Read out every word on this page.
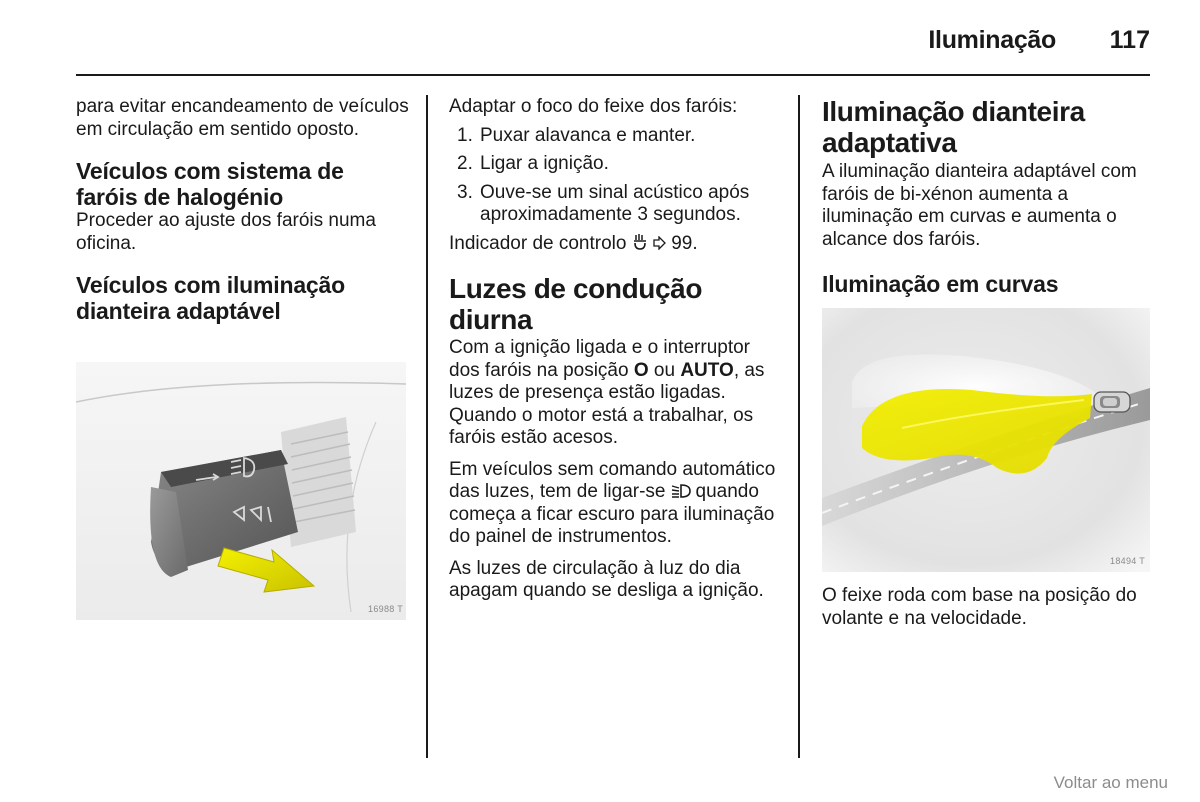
Iluminação	117

para evitar encandeamento de veículos em circulação em sentido oposto.

Veículos com sistema de faróis de halogénio

Proceder ao ajuste dos faróis numa oficina.

Veículos com iluminação dianteira adaptável
16988 T

Adaptar o foco do feixe dos faróis:

1. Puxar alavanca e manter.
2. Ligar a ignição.
3. Ouve-se um sinal acústico após aproximadamente 3 segundos.

Indicador de controlo 99.

Luzes de condução diurna

Com a ignição ligada e o interruptor dos faróis na posição O ou AUTO, as luzes de presença estão ligadas. Quando o motor está a trabalhar, os faróis estão acesos.

Em veículos sem comando automático das luzes, tem de ligar-se quando começa a ficar escuro para iluminação do painel de instrumentos.

As luzes de circulação à luz do dia apagam quando se desliga a ignição.

Iluminação dianteira adaptativa

A iluminação dianteira adaptável com faróis de bi-xénon aumenta a iluminação em curvas e aumenta o alcance dos faróis.

Iluminação em curvas
18494 T

O feixe roda com base na posição do volante e na velocidade.

Voltar ao menu
